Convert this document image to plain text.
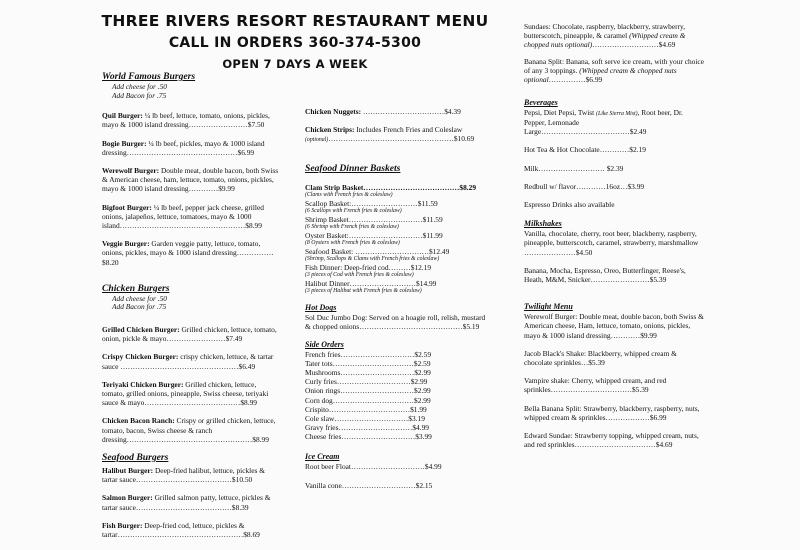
THREE RIVERS RESORT RESTAURANT MENU
CALL IN ORDERS 360-374-5300
OPEN 7 DAYS A WEEK
World Famous Burgers
Add cheese for .50
Add Bacon for .75
Quil Burger: ¼ lb beef, lettuce, tomato, onions, pickles, mayo & 1000 island dressing……………………$7.50
Bogie Burger: ¼ lb beef, pickles, mayo & 1000 island dressing………………………………………$6.99
Werewolf Burger: Double meat, double bacon, both Swiss & American cheese, ham, lettuce, tomato, onions, pickles, mayo & 1000 island dressing…………$9.99
Bigfoot Burger: ¼ lb beef, pepper jack cheese, grilled onions, jalapeños, lettuce, tomatoes, mayo & 1000 island……………………………………………$8.99
Veggie Burger: Garden veggie patty, lettuce, tomato, onions, pickles, mayo & 1000 island dressing……………$8.20
Chicken Burgers
Add cheese for .50
Add Bacon for .75
Grilled Chicken Burger: Grilled chicken, lettuce, tomato, onion, pickle & mayo……………………$7.49
Crispy Chicken Burger: crispy chicken, lettuce, & tartar sauce …………………………………………$6.49
Teriyaki Chicken Burger: Grilled chicken, lettuce, tomato, grilled onions, pineapple, Swiss cheese, teriyaki sauce & mayo…………………………………$8.99
Chicken Bacon Ranch: Crispy or grilled chicken, lettuce, tomato, bacon, Swiss cheese & ranch dressing……………………………………………$8.99
Seafood Burgers
Halibut Burger: Deep-fried halibut, lettuce, pickles & tartar sauce…………………………………$10.50
Salmon Burger: Grilled salmon patty, lettuce, pickles & tartar sauce…………………………………$8.39
Fish Burger: Deep-fried cod, lettuce, pickles & tartar……………………………………………$8.69
Chicken Nuggets: ……………………………$4.39
Chicken Strips: Includes French Fries and Coleslaw
(optional)……………………………………………$10.69
Seafood Dinner Baskets
Clam Strip Basket…………………………………$8.29
(Clams with French fries & coleslaw)
Scallop Basket:………………………$11.59
(6 Scallops with French fries & coleslaw)
Shrimp Basket…………………………$11.59
(6 Shrimp with French fries & coleslaw)
Oyster Basket:…………………………$11.99
(8 Oysters with French fries & coleslaw)
Seafood Basket: …………………………$12.49
(Shrimp, Scallops & Clams with French fries & coleslaw)
Fish Dinner: Deep-fried cod………$12.19
(3 pieces of Cod with French fries & coleslaw)
Halibut Dinner………………………$14.99
(3 pieces of Halibut with French fries & coleslaw)
Hot Dogs
Sol Duc Jumbo Dog: Served on a hoagie roll, relish, mustard & chopped onions……………………………………$5.19
Side Orders
French fries…………………………$2.59
Tater tots……………………………$2.59
Mushrooms…………………………$2.99
Curly fries…………………………$2.99
Onion rings…………………………$2.99
Corn dog……………………………$2.99
Crispito……………………………$1.99
Cole slaw…………………………$3.19
Gravy fries…………………………$4.99
Cheese fries…………………………$3.99
Ice Cream
Root beer Float…………………………$4.99
Vanilla cone…………………………$2.15
Sundaes: Chocolate, raspberry, blackberry, strawberry, butterscotch, pineapple, & caramel (Whipped cream & chopped nuts optional)………………………$4.69
Banana Split: Banana, soft serve ice cream, with your choice of any 3 toppings. (Whipped cream & chopped nuts optional……………$6.99
Beverages
Pepsi, Diet Pepsi, Twist (Like Sierra Mist), Root beer, Dr. Pepper, Lemonade
Large………………………………$2.49
Hot Tea & Hot Chocolate…………$2.19
Milk……………………… $2.39
Redbull w/ flavor…………16oz…$3.99
Espresso Drinks also available
Milkshakes
Vanilla, chocolate, cherry, root beer, blackberry, raspberry, pineapple, butterscotch, caramel, strawberry, marshmallow …………………$4.50
Banana, Mocha, Espresso, Oreo, Butterfinger, Reese's, Heath, M&M, Snicker……………………$5.39
Twilight Menu
Werewolf Burger: Double meat, double bacon, both Swiss & American cheese, Ham, lettuce, tomato, onions, pickles, mayo & 1000 island dressing…………$9.99
Jacob Black's Shake: Blackberry, whipped cream & chocolate sprinkles…$5.39
Vampire shake: Cherry, whipped cream, and red sprinkles……………………………$5.39
Bella Banana Split: Strawberry, blackberry, raspberry, nuts, whipped cream & sprinkles………………$6.99
Edward Sundae: Strawberry topping, whipped cream, nuts, and red sprinkles……………………………$4.69
